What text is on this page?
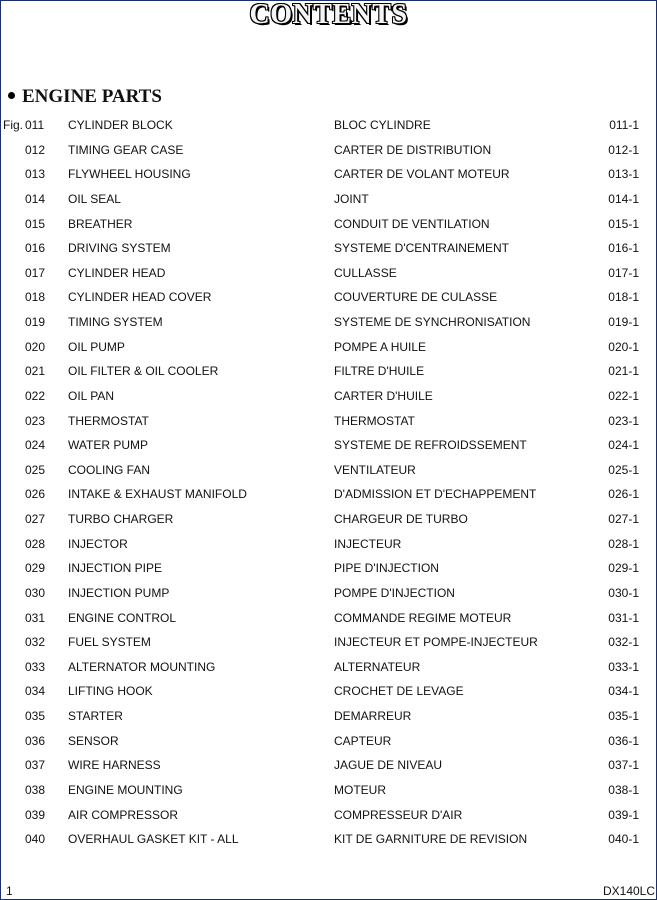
CONTENTS
ENGINE PARTS
Fig. 011 CYLINDER BLOCK	BLOC CYLINDRE	011-1
012 TIMING GEAR CASE	CARTER DE DISTRIBUTION	012-1
013 FLYWHEEL HOUSING	CARTER DE VOLANT MOTEUR	013-1
014 OIL SEAL	JOINT	014-1
015 BREATHER	CONDUIT DE VENTILATION	015-1
016 DRIVING SYSTEM	SYSTEME D'CENTRAINEMENT	016-1
017 CYLINDER HEAD	CULLASSE	017-1
018 CYLINDER HEAD COVER	COUVERTURE DE CULASSE	018-1
019 TIMING SYSTEM	SYSTEME DE SYNCHRONISATION	019-1
020 OIL PUMP	POMPE A HUILE	020-1
021 OIL FILTER & OIL COOLER	FILTRE D'HUILE	021-1
022 OIL PAN	CARTER D'HUILE	022-1
023 THERMOSTAT	THERMOSTAT	023-1
024 WATER PUMP	SYSTEME DE REFROIDSSEMENT	024-1
025 COOLING FAN	VENTILATEUR	025-1
026 INTAKE & EXHAUST MANIFOLD	D'ADMISSION ET D'ECHAPPEMENT	026-1
027 TURBO CHARGER	CHARGEUR DE TURBO	027-1
028 INJECTOR	INJECTEUR	028-1
029 INJECTION PIPE	PIPE D'INJECTION	029-1
030 INJECTION PUMP	POMPE D'INJECTION	030-1
031 ENGINE CONTROL	COMMANDE REGIME MOTEUR	031-1
032 FUEL SYSTEM	INJECTEUR ET POMPE-INJECTEUR	032-1
033 ALTERNATOR MOUNTING	ALTERNATEUR	033-1
034 LIFTING HOOK	CROCHET DE LEVAGE	034-1
035 STARTER	DEMARREUR	035-1
036 SENSOR	CAPTEUR	036-1
037 WIRE HARNESS	JAGUE DE NIVEAU	037-1
038 ENGINE MOUNTING	MOTEUR	038-1
039 AIR COMPRESSOR	COMPRESSEUR D'AIR	039-1
040 OVERHAUL GASKET KIT - ALL	KIT DE GARNITURE DE REVISION	040-1
1	DX140LC
